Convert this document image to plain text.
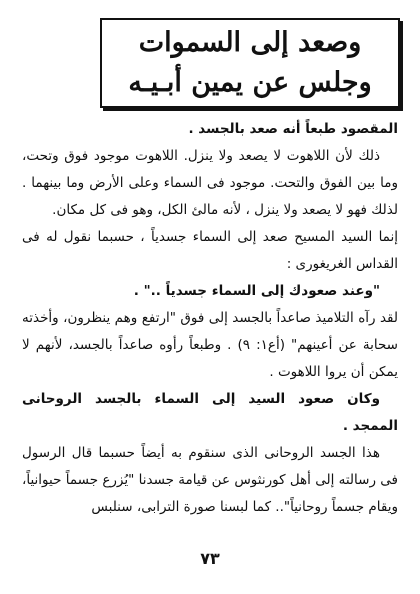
وصعد إلى السموات
وجلس عن يمين أبـيـه

المقصود طبعاً أنه صعد بالجسد .

ذلك لأن اللاهوت لا يصعد ولا ينزل. اللاهوت موجود فوق وتحت، وما بين الفوق والتحت. موجود فى السماء وعلى الأرض وما بينهما . لذلك فهو لا يصعد ولا ينزل ، لأنه مالئ الكل، وهو فى كل مكان.

إنما السيد المسيح صعد إلى السماء جسدياً ، حسبما نقول له فى القداس الغريغورى :

"وعند صعودك إلى السماء جسدياً .." .

لقد رآه التلاميذ صاعداً بالجسد إلى فوق "ارتفع وهم ينظرون، وأخذته سحابة عن أعينهم" (أع١: ٩) . وطبعاً رأوه صاعداً بالجسد، لأنهم لا يمكن أن يروا اللاهوت .

وكان صعود السيد إلى السماء بالجسد الروحانى الممجد .

هذا الجسد الروحانى الذى سنقوم به أيضاً حسبما قال الرسول فى رسالته إلى أهل كورنثوس عن قيامة جسدنا "يُزرع جسماً حيوانياً، ويقام جسماً روحانياً".. كما لبسنا صورة الترابى، سنلبس

٧٣
